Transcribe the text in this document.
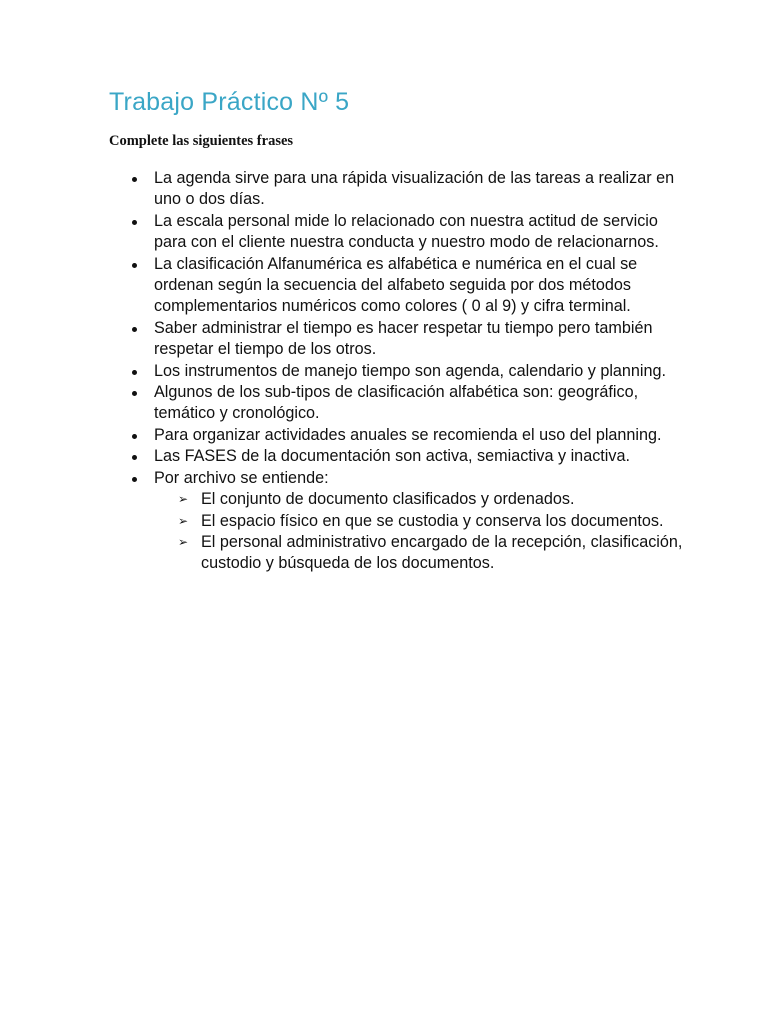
Trabajo Práctico Nº 5

Complete las siguientes frases

La agenda sirve para una rápida visualización de las tareas a realizar en uno o dos días.
La escala personal mide lo relacionado con nuestra actitud de servicio para con el cliente nuestra conducta y nuestro modo de relacionarnos.
La clasificación Alfanumérica es alfabética e numérica en el cual se ordenan según la secuencia del alfabeto seguida por dos métodos complementarios numéricos como colores ( 0 al 9) y cifra terminal.
Saber administrar el tiempo es hacer respetar tu tiempo pero también respetar el tiempo de los otros.
Los instrumentos de manejo tiempo son agenda, calendario y planning.
Algunos de los sub-tipos de clasificación alfabética son: geográfico, temático y cronológico.
Para organizar actividades anuales se recomienda el uso del planning.
Las FASES de la documentación son activa, semiactiva y inactiva.
Por archivo se entiende:
➢ El conjunto de documento clasificados y ordenados.
➢ El espacio físico en que se custodia y conserva los documentos.
➢ El personal administrativo encargado de la recepción, clasificación, custodio y búsqueda de los documentos.
